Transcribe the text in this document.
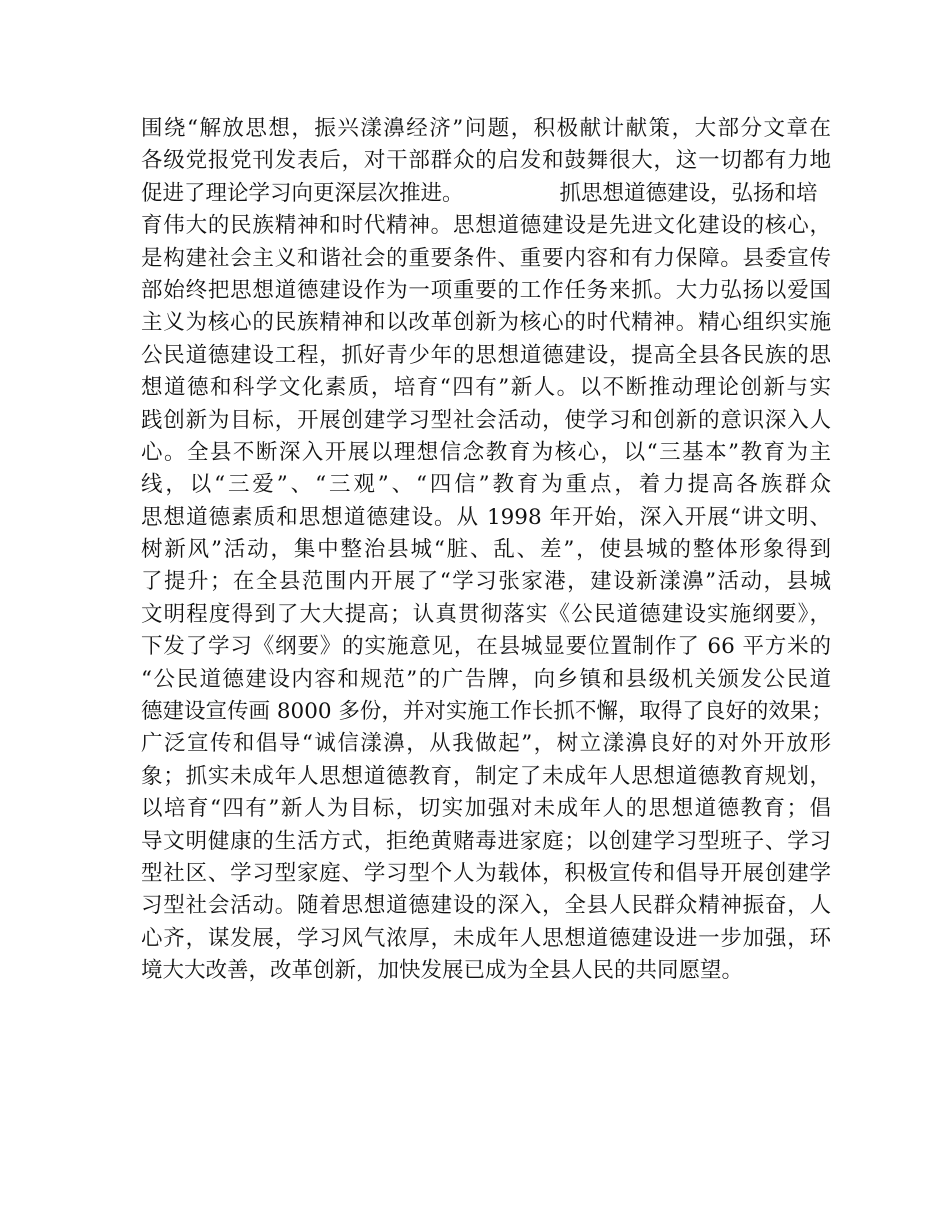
围绕“解放思想，振兴漾濞经济”问题，积极献计献策，大部分文章在
各级党报党刊发表后，对干部群众的启发和鼓舞很大，这一切都有力地
促进了理论学习向更深层次推进。	抓思想道德建设，弘扬和培
育伟大的民族精神和时代精神。思想道德建设是先进文化建设的核心，
是构建社会主义和谐社会的重要条件、重要内容和有力保障。县委宣传
部始终把思想道德建设作为一项重要的工作任务来抓。大力弘扬以爱国
主义为核心的民族精神和以改革创新为核心的时代精神。精心组织实施
公民道德建设工程，抓好青少年的思想道德建设，提高全县各民族的思
想道德和科学文化素质，培育“四有”新人。以不断推动理论创新与实
践创新为目标，开展创建学习型社会活动，使学习和创新的意识深入人
心。全县不断深入开展以理想信念教育为核心，以“三基本”教育为主
线，以“三爱”、“三观”、“四信”教育为重点，着力提高各族群众
思想道德素质和思想道德建设。从 1998 年开始，深入开展“讲文明、
树新风”活动，集中整治县城“脏、乱、差”，使县城的整体形象得到
了提升；在全县范围内开展了“学习张家港，建设新漾濞”活动，县城
文明程度得到了大大提高；认真贯彻落实《公民道德建设实施纲要》，
下发了学习《纲要》的实施意见，在县城显要位置制作了 66 平方米的
“公民道德建设内容和规范”的广告牌，向乡镇和县级机关颁发公民道
德建设宣传画 8000 多份，并对实施工作长抓不懈，取得了良好的效果；
广泛宣传和倡导“诚信漾濞，从我做起”，树立漾濞良好的对外开放形
象；抓实未成年人思想道德教育，制定了未成年人思想道德教育规划，
以培育“四有”新人为目标，切实加强对未成年人的思想道德教育；倡
导文明健康的生活方式，拒绝黄赌毒进家庭；以创建学习型班子、学习
型社区、学习型家庭、学习型个人为载体，积极宣传和倡导开展创建学
习型社会活动。随着思想道德建设的深入，全县人民群众精神振奋，人
心齐，谋发展，学习风气浓厚，未成年人思想道德建设进一步加强，环
境大大改善，改革创新，加快发展已成为全县人民的共同愿望。
